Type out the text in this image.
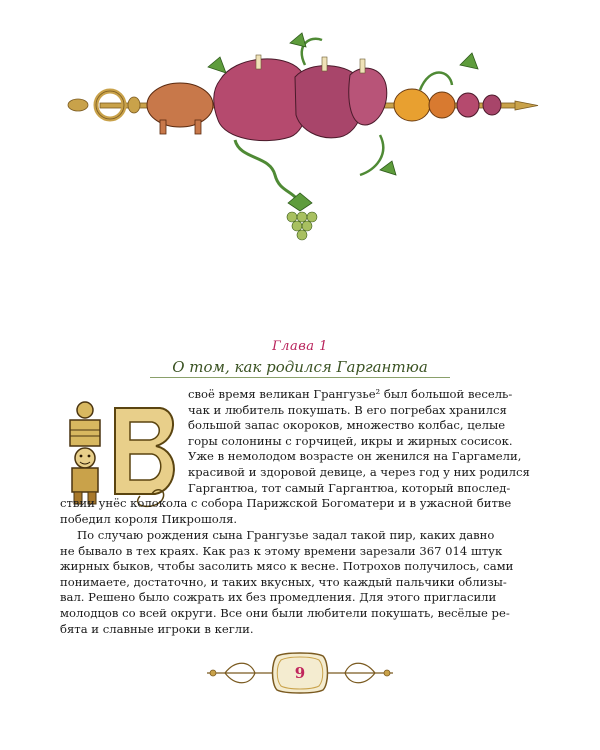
Глава 1
О том, как родился Гаргантюа

своё время великан Грангузье² был большой весель-
чак и любитель покушать. В его погребах хранился
большой запас окороков, множество колбас, целые
горы солонины с горчицей, икры и жирных сосисок.
Уже в немолодом возрасте он женился на Гаргамели,
красивой и здоровой девице, а через год у них родился
Гаргантюа, тот самый Гаргантюа, который впослед-
ствии унёс колокола с собора Парижской Богоматери и в ужасной битве
победил короля Пикрошоля.

По случаю рождения сына Грангузье задал такой пир, каких давно
не бывало в тех краях. Как раз к этому времени зарезали 367 014 штук
жирных быков, чтобы засолить мясо к весне. Потрохов получилось, сами
понимаете, достаточно, и таких вкусных, что каждый пальчики облизы-
вал. Решено было сожрать их без промедления. Для этого пригласили
молодцов со всей округи. Все они были любители покушать, весёлые ре-
бята и славные игроки в кегли.

9
